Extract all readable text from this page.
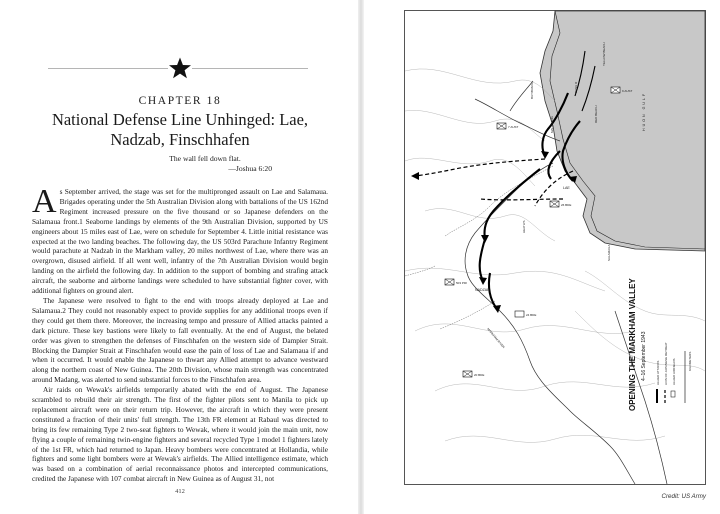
CHAPTER 18
National Defense Line Unhinged: Lae, Nadzab, Finschhafen
The wall fell down flat.
—Joshua 6:20

As September arrived, the stage was set for the multipronged assault on Lae and Salamaua. Brigades operating under the 5th Australian Division along with battalions of the US 162nd Regiment increased pressure on the five thousand or so Japanese defenders on the Salamaua front.1 Seaborne landings by elements of the 9th Australian Division, supported by US engineers about 15 miles east of Lae, were on schedule for September 4. Little initial resistance was expected at the two landing beaches. The following day, the US 503rd Parachute Infantry Regiment would parachute at Nadzab in the Markham valley, 20 miles northwest of Lae, where there was an overgrown, disused airfield. If all went well, infantry of the 7th Australian Division would begin landing on the airfield the following day. In addition to the support of bombing and strafing attack aircraft, the seaborne and airborne landings were scheduled to have substantial fighter cover, with additional fighters on ground alert.

The Japanese were resolved to fight to the end with troops already deployed at Lae and Salamaua.2 They could not reasonably expect to provide supplies for any additional troops even if they could get them there. Moreover, the increasing tempo and pressure of Allied attacks painted a dark picture. These key bastions were likely to fall eventually. At the end of August, the belated order was given to strengthen the defenses of Finschhafen on the western side of Dampier Strait. Blocking the Dampier Strait at Finschhafen would ease the pain of loss of Lae and Salamaua if and when it occurred. It would enable the Japanese to thwart any Allied attempt to advance westward along the northern coast of New Guinea. The 20th Division, whose main strength was concentrated around Madang, was alerted to send substantial forces to the Finschhafen area.

Air raids on Wewak's airfields temporarily abated with the end of August. The Japanese scrambled to rebuild their air strength. The first of the fighter pilots sent to Manila to pick up replacement aircraft were on their return trip. However, the aircraft in which they were present constituted a fraction of their units' full strength. The 13th FR element at Rabaul was directed to bring its few remaining Type 2 two-seat fighters to Wewak, where it would join the main unit, now flying a couple of remaining twin-engine fighters and several recycled Type 1 model 1 fighters lately of the 1st FR, which had returned to Japan. Heavy bombers were concentrated at Hollandia, while fighters and some light bombers were at Wewak's airfields. The Allied intelligence estimate, which was based on a combination of aerial reconnaissance photos and intercepted communications, credited the Japanese with 107 combat aircraft in New Guinea as of August 31, not

412
LAE
NADZAB
SALAMAUA
RED BEACH
YELLOW BEACH
MARKHAM RIVER
BUSU R
BUTIBUM R
MALAHANG
HEATH'S
9 AUST
7 AUST
503 PIR
24 BDE
26 BDE
20 BDE
HUON GULF
OPENING THE MARKHAM VALLEY 4–16 September 1943	ALLIED ATTACKS AXIS OF JAPANESE RETREAT ALLIED AIRFIELDS	KILOMETERS
Credit: US Army
